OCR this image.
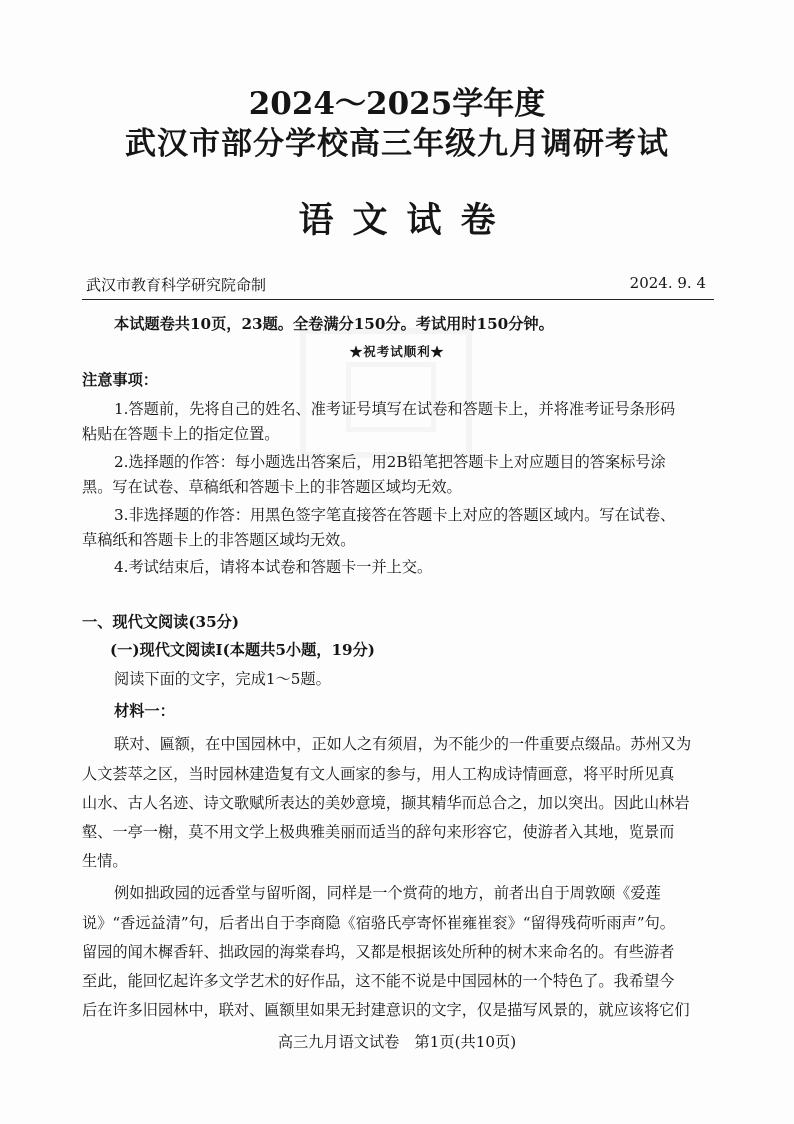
2024～2025学年度

武汉市部分学校高三年级九月调研考试

语文试卷

武汉市教育科学研究院命制	2024. 9. 4

本试题卷共10页，23题。全卷满分150分。考试用时150分钟。

★祝考试顺利★

注意事项：

1.答题前，先将自己的姓名、准考证号填写在试卷和答题卡上，并将准考证号条形码

粘贴在答题卡上的指定位置。

2.选择题的作答：每小题选出答案后，用2B铅笔把答题卡上对应题目的答案标号涂

黑。写在试卷、草稿纸和答题卡上的非答题区域均无效。

3.非选择题的作答：用黑色签字笔直接答在答题卡上对应的答题区域内。写在试卷、

草稿纸和答题卡上的非答题区域均无效。

4.考试结束后，请将本试卷和答题卡一并上交。

一、现代文阅读(35分)

(一)现代文阅读Ⅰ(本题共5小题，19分)

阅读下面的文字，完成1～5题。

材料一：

联对、匾额，在中国园林中，正如人之有须眉，为不能少的一件重要点缀品。苏州又为

人文荟萃之区，当时园林建造复有文人画家的参与，用人工构成诗情画意，将平时所见真

山水、古人名迹、诗文歌赋所表达的美妙意境，撷其精华而总合之，加以突出。因此山林岩

壑、一亭一榭，莫不用文学上极典雅美丽而适当的辞句来形容它，使游者入其地，览景而

生情。

例如拙政园的远香堂与留听阁，同样是一个赏荷的地方，前者出自于周敦颐《爱莲

说》“香远益清”句，后者出自于李商隐《宿骆氏亭寄怀崔雍崔衮》“留得残荷听雨声”句。

留园的闻木樨香轩、拙政园的海棠春坞，又都是根据该处所种的树木来命名的。有些游者

至此，能回忆起许多文学艺术的好作品，这不能不说是中国园林的一个特色了。我希望今

后在许多旧园林中，联对、匾额里如果无封建意识的文字，仅是描写风景的，就应该将它们

高三九月语文试卷　第1页(共10页)
